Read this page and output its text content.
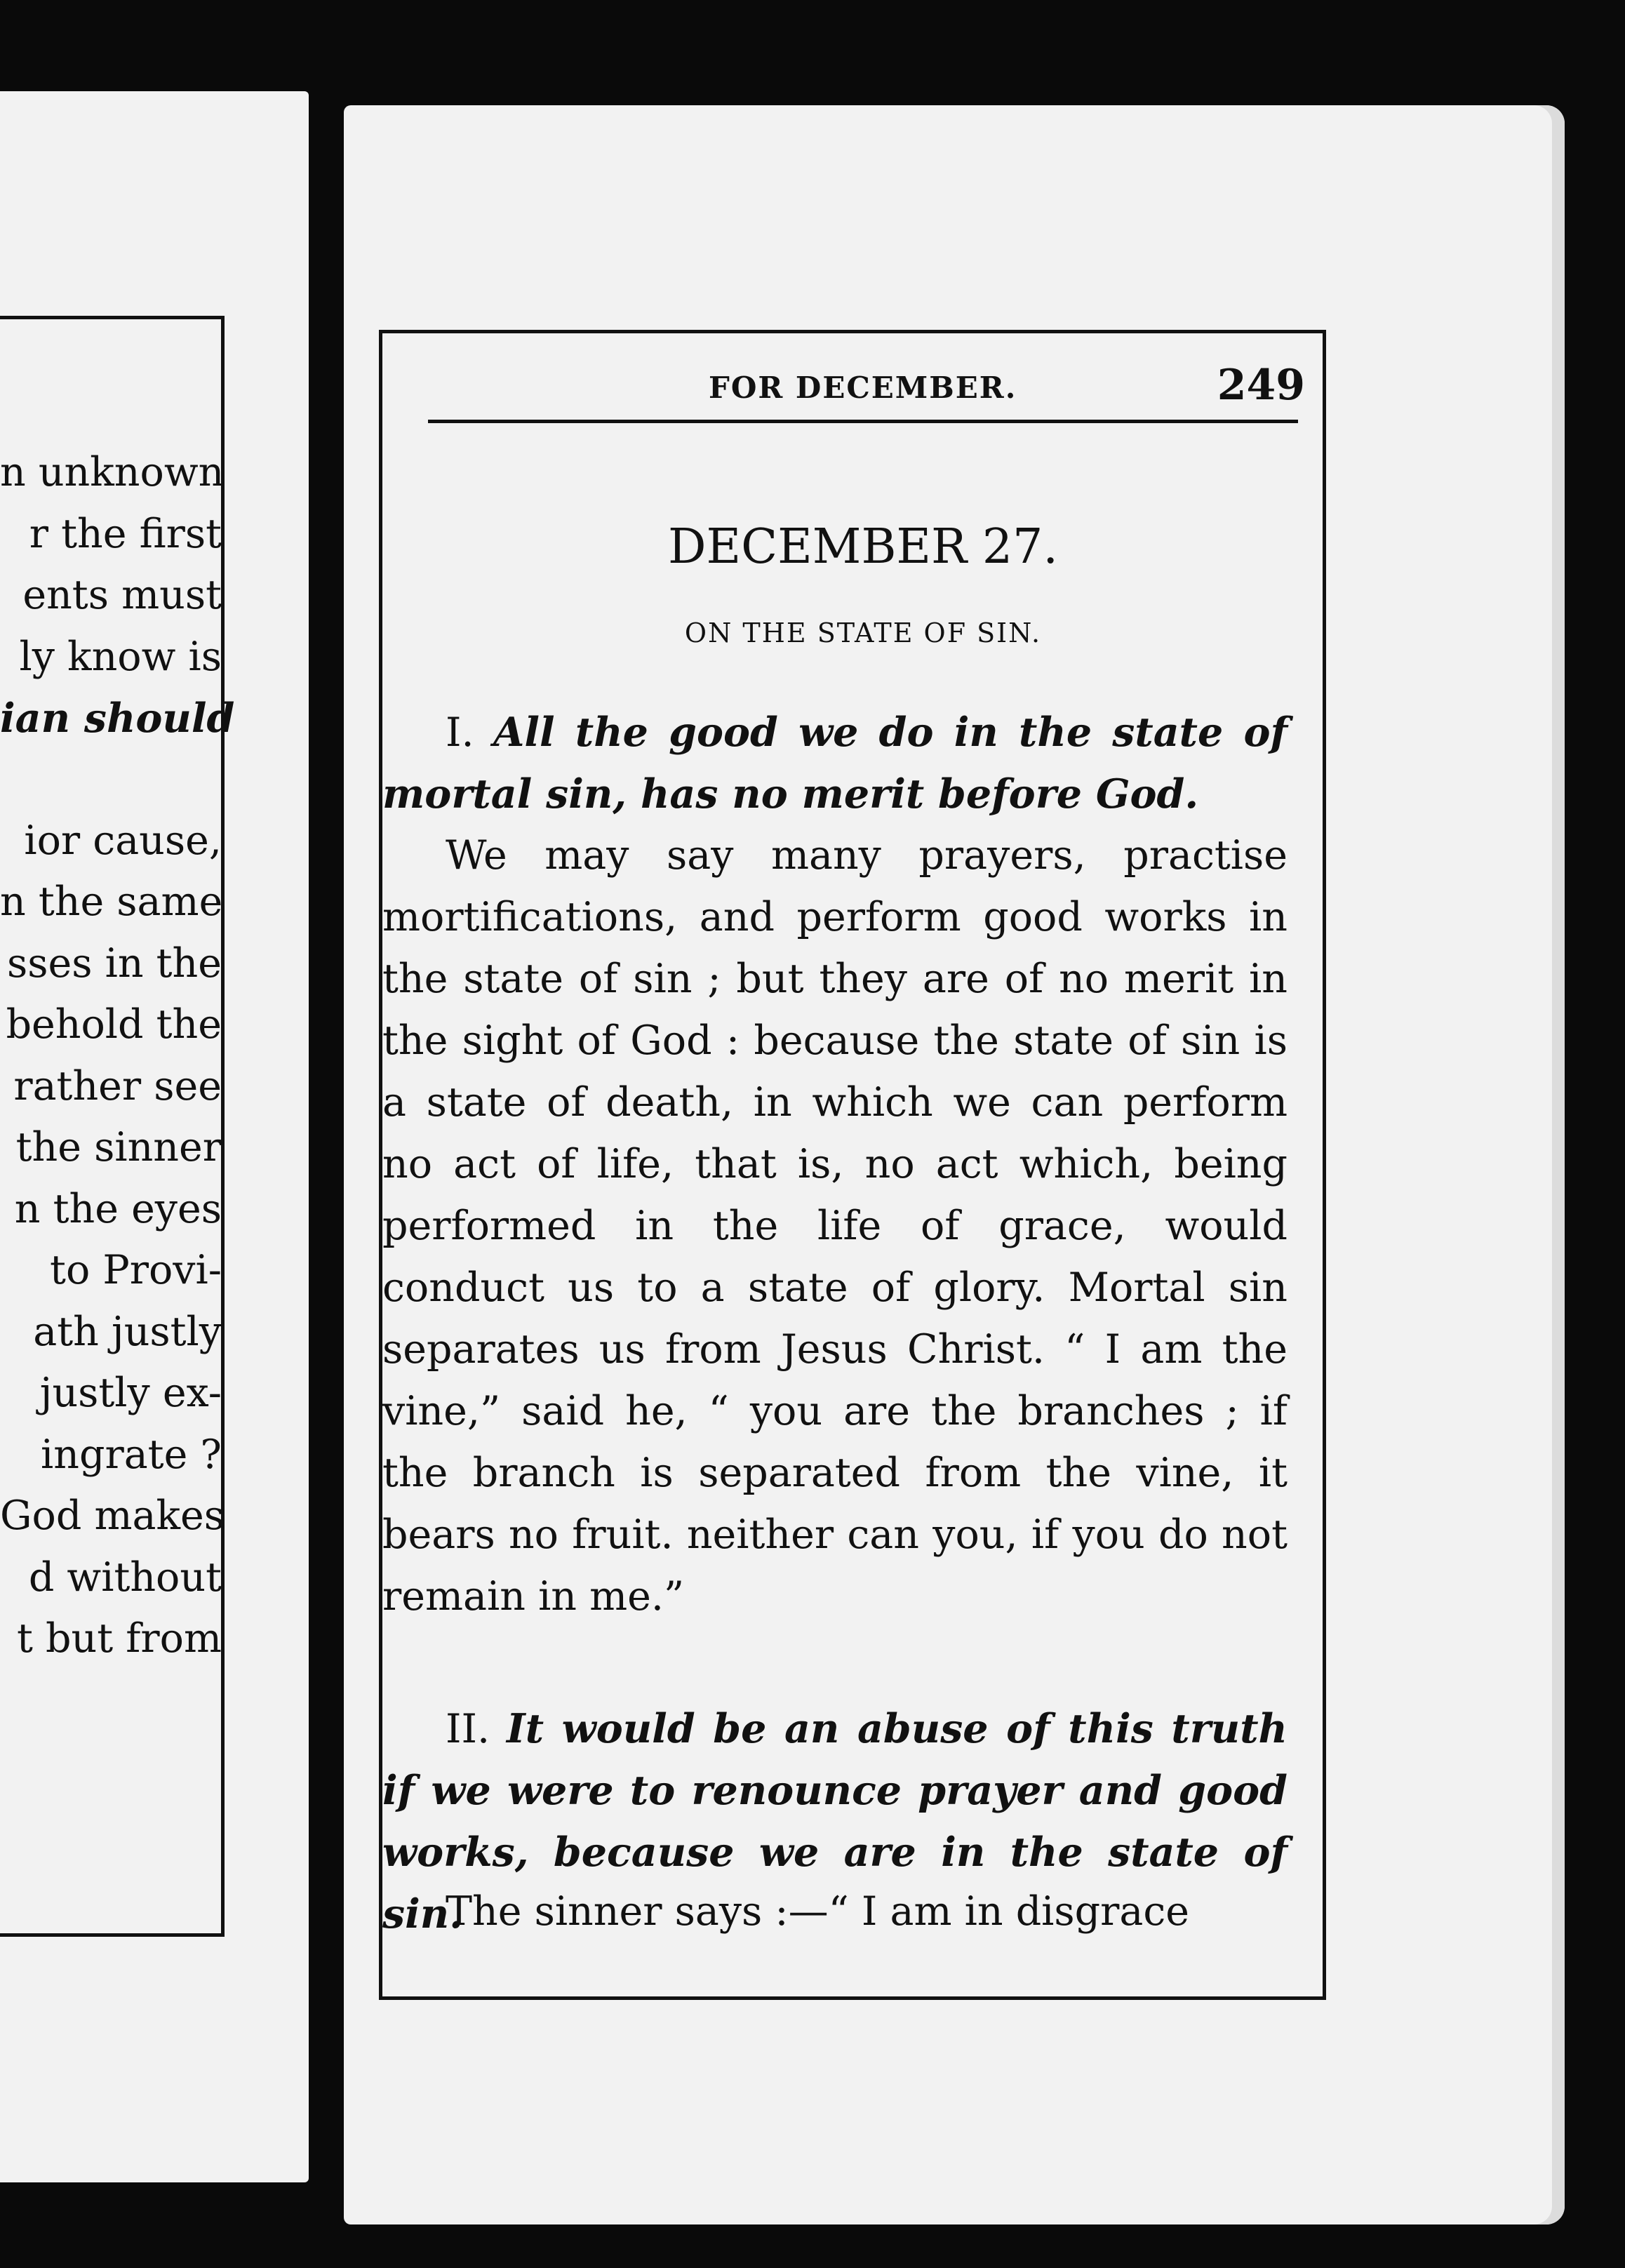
n unknown
r the first
ents must
ly know is
ian should
ior cause,
n the same
sses in the
behold the
rather see
the sinner
n the eyes
to Provi-
ath justly
justly ex-
ingrate ?
God makes
d without
t but from
FOR DECEMBER.	249
DECEMBER 27.
ON THE STATE OF SIN.
I. All the good we do in the state of mortal sin, has no merit before God.
We may say many prayers, practise mortifications, and perform good works in the state of sin ; but they are of no merit in the sight of God : because the state of sin is a state of death, in which we can perform no act of life, that is, no act which, being performed in the life of grace, would conduct us to a state of glory. Mortal sin separates us from Jesus Christ. “ I am the vine,” said he, “ you are the branches ; if the branch is separated from the vine, it bears no fruit. neither can you, if you do not remain in me.”
II. It would be an abuse of this truth if we were to renounce prayer and good works, because we are in the state of sin.
The sinner says :—“ I am in disgrace
